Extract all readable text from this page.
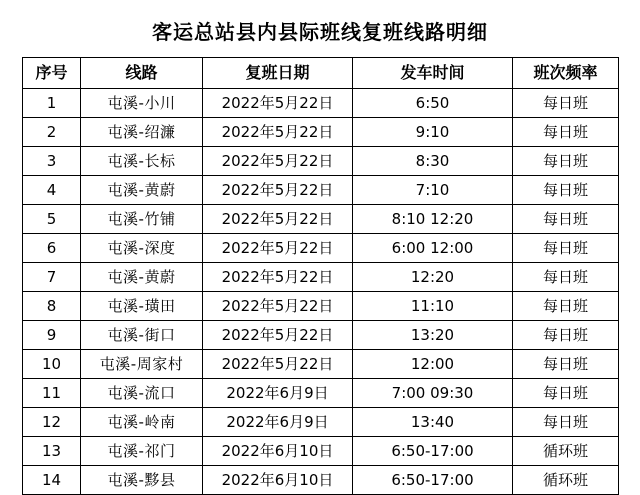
客运总站县内县际班线复班线路明细
序号	线路	复班日期	发车时间	班次频率
1	屯溪-小川	2022年5月22日	6:50	每日班
2	屯溪-绍濂	2022年5月22日	9:10	每日班
3	屯溪-长标	2022年5月22日	8:30	每日班
4	屯溪-黄蔚	2022年5月22日	7:10	每日班
5	屯溪-竹铺	2022年5月22日	8:10 12:20	每日班
6	屯溪-深度	2022年5月22日	6:00 12:00	每日班
7	屯溪-黄蔚	2022年5月22日	12:20	每日班
8	屯溪-璜田	2022年5月22日	11:10	每日班
9	屯溪-街口	2022年5月22日	13:20	每日班
10	屯溪-周家村	2022年5月22日	12:00	每日班
11	屯溪-流口	2022年6月9日	7:00 09:30	每日班
12	屯溪-岭南	2022年6月9日	13:40	每日班
13	屯溪-祁门	2022年6月10日	6:50-17:00	循环班
14	屯溪-黟县	2022年6月10日	6:50-17:00	循环班
